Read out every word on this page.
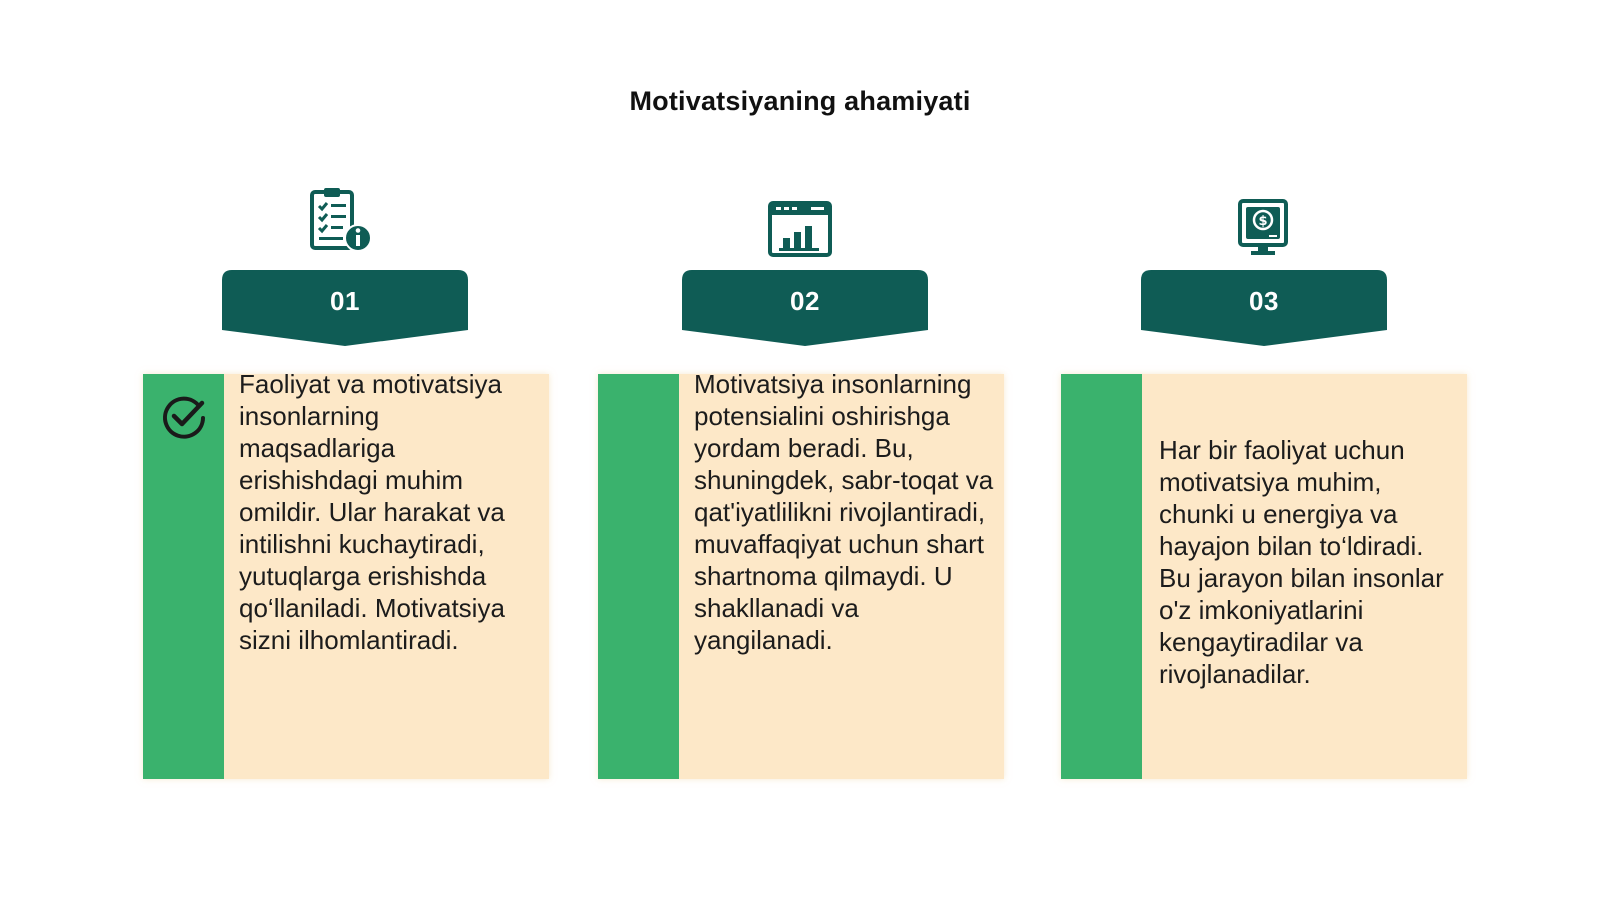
Motivatsiyaning ahamiyati
01
Faoliyat va motivatsiya insonlarning maqsadlariga erishishdagi muhim omildir. Ular harakat va intilishni kuchaytiradi, yutuqlarga erishishda qo‘llaniladi. Motivatsiya sizni ilhomlantiradi.
02
Motivatsiya insonlarning potensialini oshirishga yordam beradi. Bu, shuningdek, sabr-toqat va qat'iyatlilikni rivojlantiradi, muvaffaqiyat uchun shart shartnoma qilmaydi. U shakllanadi va yangilanadi.
$
03
Har bir faoliyat uchun motivatsiya muhim, chunki u energiya va hayajon bilan to‘ldiradi. Bu jarayon bilan insonlar o'z imkoniyatlarini kengaytiradilar va rivojlanadilar.
